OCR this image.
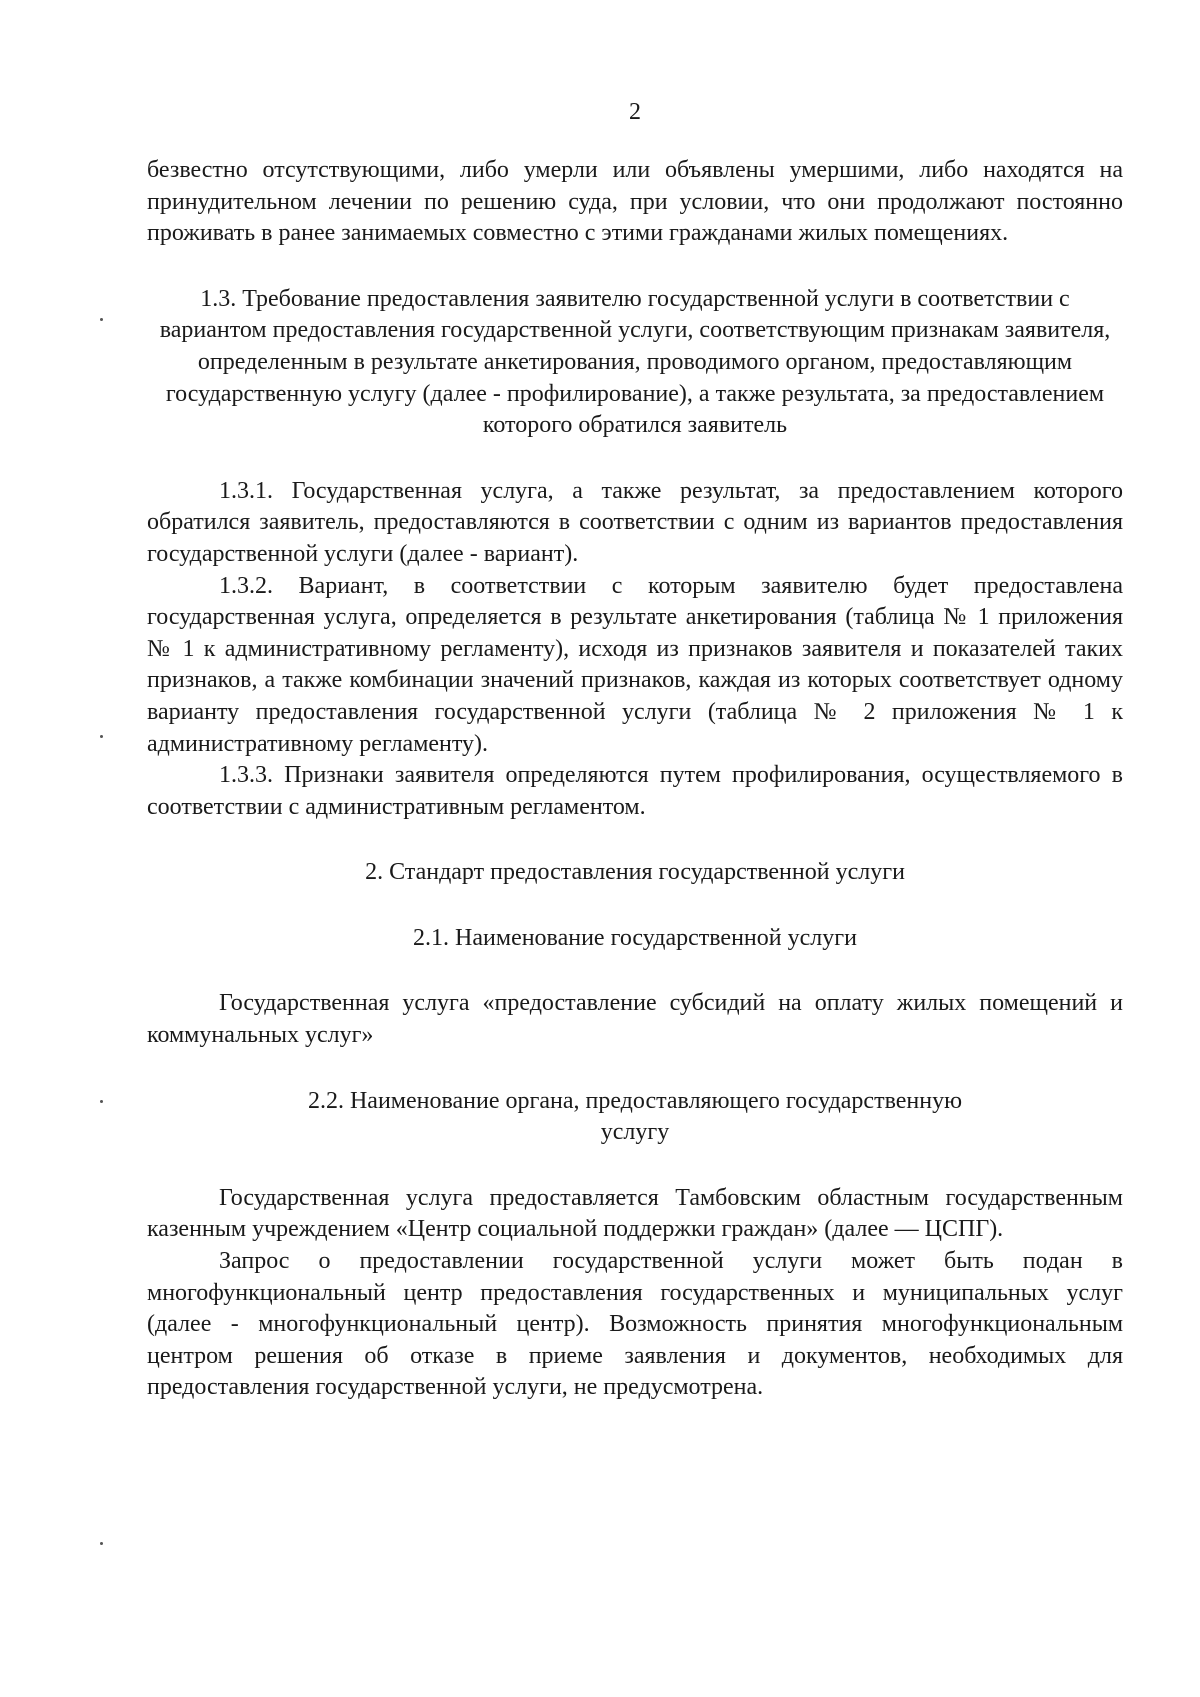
2

безвестно отсутствующими, либо умерли или объявлены умершими, либо находятся на принудительном лечении по решению суда, при условии, что они продолжают постоянно проживать в ранее занимаемых совместно с этими гражданами жилых помещениях.

1.3. Требование предоставления заявителю государственной услуги в соответствии с вариантом предоставления государственной услуги, соответствующим признакам заявителя, определенным в результате анкетирования, проводимого органом, предоставляющим государственную услугу (далее - профилирование), а также результата, за предоставлением которого обратился заявитель

1.3.1. Государственная услуга, а также результат, за предоставлением которого обратился заявитель, предоставляются в соответствии с одним из вариантов предоставления государственной услуги (далее - вариант).

1.3.2. Вариант, в соответствии с которым заявителю будет предоставлена государственная услуга, определяется в результате анкетирования (таблица № 1 приложения № 1 к административному регламенту), исходя из признаков заявителя и показателей таких признаков, а также комбинации значений признаков, каждая из которых соответствует одному варианту предоставления государственной услуги (таблица № 2 приложения № 1 к административному регламенту).

1.3.3. Признаки заявителя определяются путем профилирования, осуществляемого в соответствии с административным регламентом.

2. Стандарт предоставления государственной услуги

2.1. Наименование государственной услуги

Государственная услуга «предоставление субсидий на оплату жилых помещений и коммунальных услуг»

2.2. Наименование органа, предоставляющего государственную

услугу

Государственная услуга предоставляется Тамбовским областным государственным казенным учреждением «Центр социальной поддержки граждан» (далее — ЦСПГ).

Запрос о предоставлении государственной услуги может быть подан в многофункциональный центр предоставления государственных и муниципальных услуг (далее - многофункциональный центр). Возможность принятия многофункциональным центром решения об отказе в приеме заявления и документов, необходимых для предоставления государственной услуги, не предусмотрена.
